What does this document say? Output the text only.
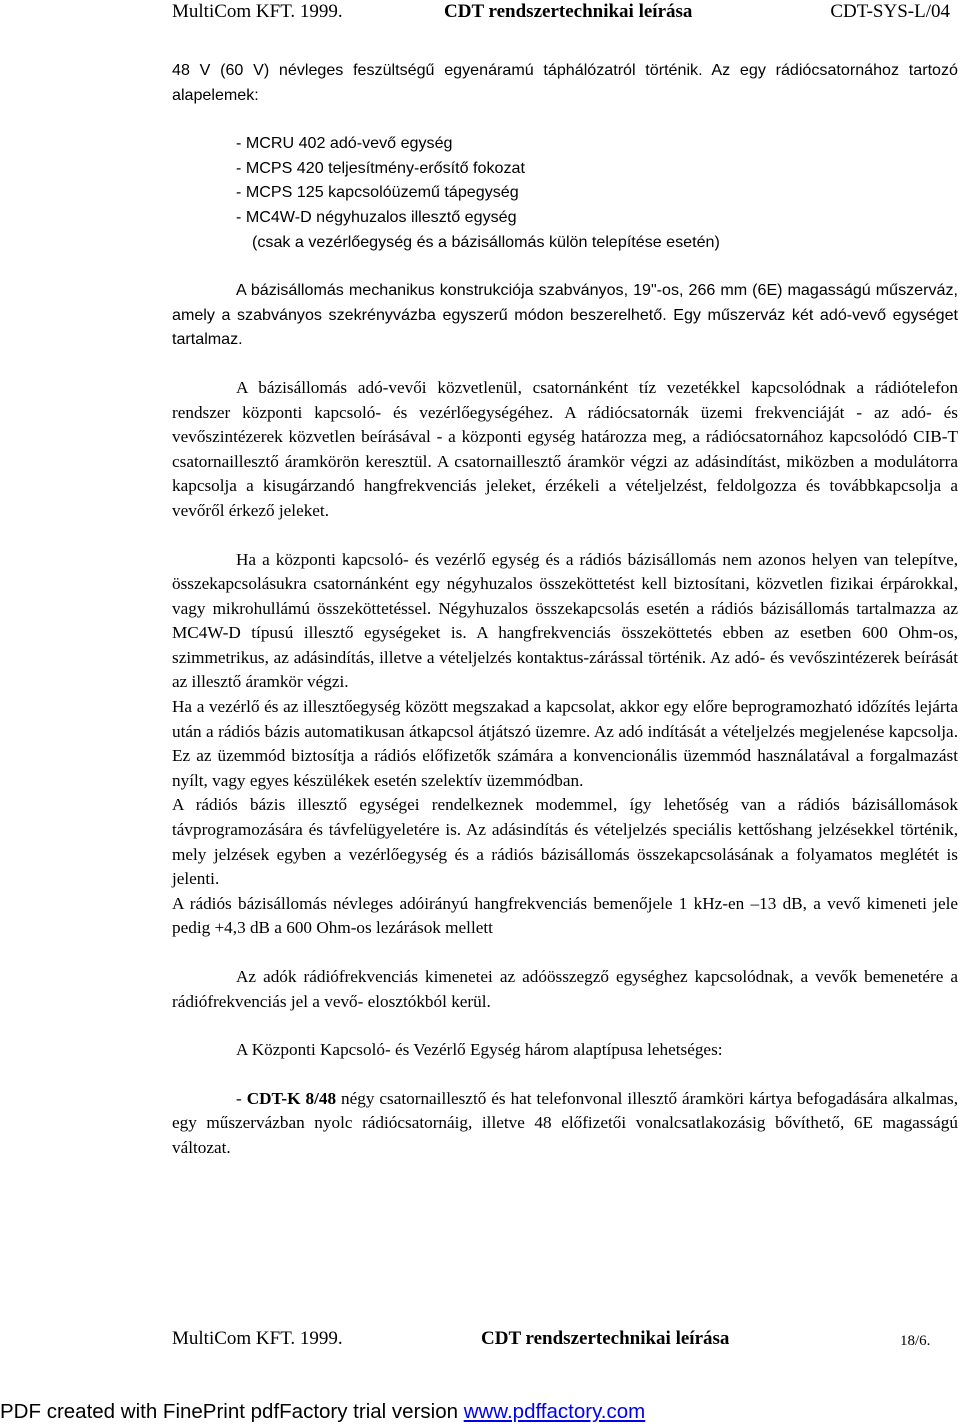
MultiCom KFT. 1999.	CDT rendszertechnikai leírása	CDT-SYS-L/04

48 V (60 V) névleges feszültségű egyenáramú táphálózatról történik. Az egy rádiócsatornához tartozó alapelemek:

- MCRU 402 adó-vevő egység
- MCPS 420 teljesítmény-erősítő fokozat
- MCPS 125 kapcsolóüzemű tápegység
- MC4W-D négyhuzalos illesztő egység
(csak a vezérlőegység és a bázisállomás külön telepítése esetén)

A bázisállomás mechanikus konstrukciója szabványos, 19"-os, 266 mm (6E) magasságú műszerváz, amely a szabványos szekrényvázba egyszerű módon beszerelhető. Egy műszerváz két adó-vevő egységet tartalmaz.

A bázisállomás adó-vevői közvetlenül, csatornánként tíz vezetékkel kapcsolódnak a rádiótelefon rendszer központi kapcsoló- és vezérlőegységéhez. A rádiócsatornák üzemi frekvenciáját - az adó- és vevőszintézerek közvetlen beírásával - a központi egység határozza meg, a rádiócsatornához kapcsolódó CIB-T csatornaillesztő áramkörön keresztül. A csatornaillesztő áramkör végzi az adásindítást, miközben a modulátorra kapcsolja a kisugárzandó hangfrekvenciás jeleket, érzékeli a vételjelzést, feldolgozza és továbbkapcsolja a vevőről érkező jeleket.

Ha a központi kapcsoló- és vezérlő egység és a rádiós bázisállomás nem azonos helyen van telepítve, összekapcsolásukra csatornánként egy négyhuzalos összeköttetést kell biztosítani, közvetlen fizikai érpárokkal, vagy mikrohullámú összeköttetéssel. Négyhuzalos összekapcsolás esetén a rádiós bázisállomás tartalmazza az MC4W-D típusú illesztő egységeket is. A hangfrekvenciás összeköttetés ebben az esetben 600 Ohm-os, szimmetrikus, az adásindítás, illetve a vételjelzés kontaktus-zárással történik. Az adó- és vevőszintézerek beírását az illesztő áramkör végzi.

Ha a vezérlő és az illesztőegység között megszakad a kapcsolat, akkor egy előre beprogramozható időzítés lejárta után a rádiós bázis automatikusan átkapcsol átjátszó üzemre. Az adó indítását a vételjelzés megjelenése kapcsolja. Ez az üzemmód biztosítja a rádiós előfizetők számára a konvencionális üzemmód használatával a forgalmazást nyílt, vagy egyes készülékek esetén szelektív üzemmódban.

A rádiós bázis illesztő egységei rendelkeznek modemmel, így lehetőség van a rádiós bázisállomások távprogramozására és távfelügyeletére is. Az adásindítás és vételjelzés speciális kettőshang jelzésekkel történik, mely jelzések egyben a vezérlőegység és a rádiós bázisállomás összekapcsolásának a folyamatos meglétét is jelenti.

A rádiós bázisállomás névleges adóirányú hangfrekvenciás bemenőjele 1 kHz-en –13 dB, a vevő kimeneti jele pedig +4,3 dB a 600 Ohm-os lezárások mellett

Az adók rádiófrekvenciás kimenetei az adóösszegző egységhez kapcsolódnak, a vevők bemenetére a rádiófrekvenciás jel a vevő- elosztókból kerül.

A Központi Kapcsoló- és Vezérlő Egység három alaptípusa lehetséges:

- CDT-K 8/48 négy csatornaillesztő és hat telefonvonal illesztő áramköri kártya befogadására alkalmas, egy műszervázban nyolc rádiócsatornáig, illetve 48 előfizetői vonalcsatlakozásig bővíthető, 6E magasságú változat.

MultiCom KFT. 1999.	CDT rendszertechnikai leírása	18/6.
PDF created with FinePrint pdfFactory trial version www.pdffactory.com
